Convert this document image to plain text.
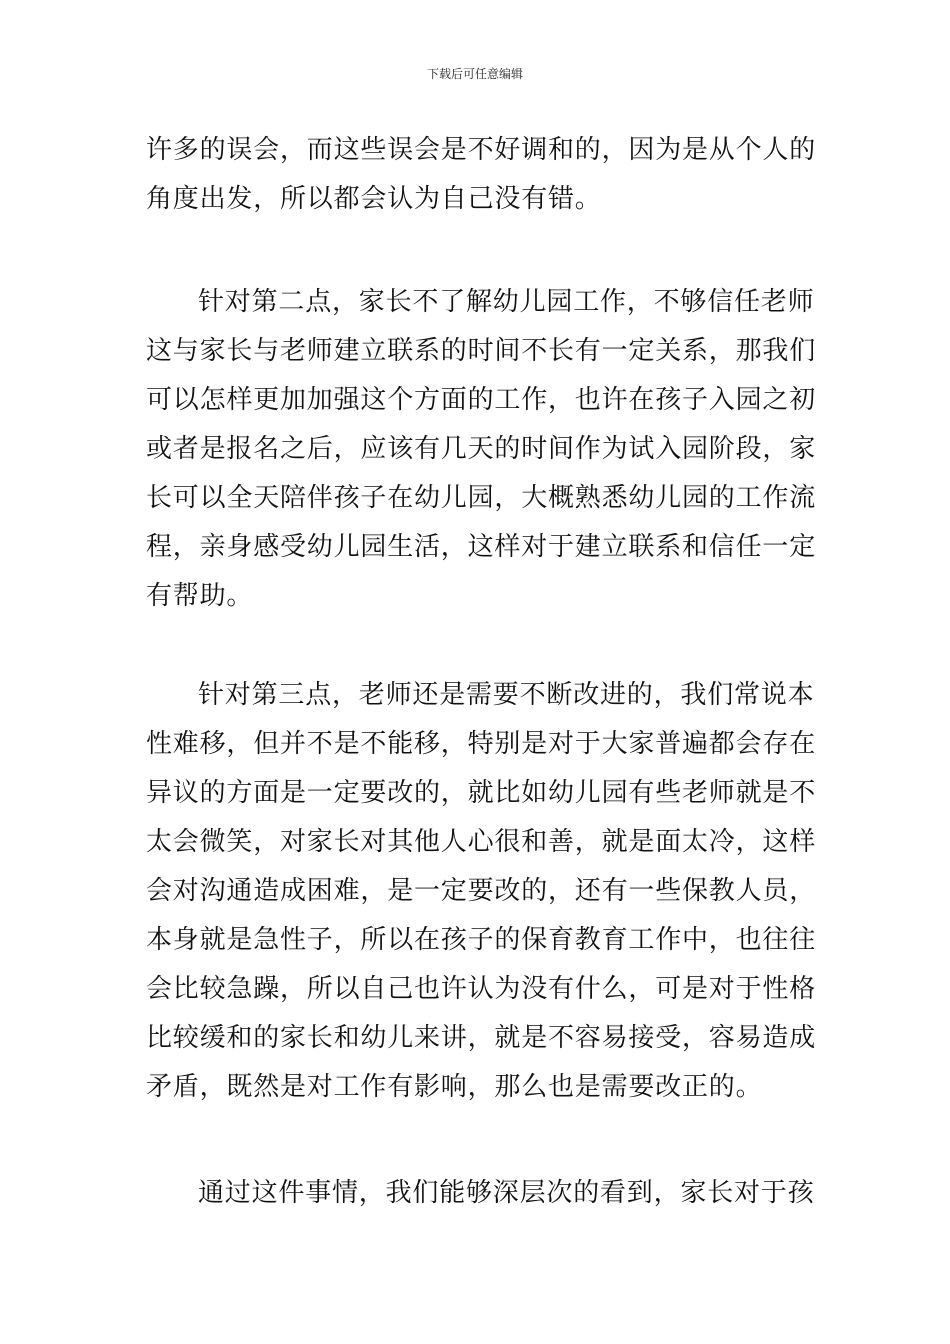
下载后可任意编辑
许多的误会，而这些误会是不好调和的，因为是从个人的
角度出发，所以都会认为自己没有错。
针对第二点，家长不了解幼儿园工作，不够信任老师
这与家长与老师建立联系的时间不长有一定关系，那我们
可以怎样更加加强这个方面的工作，也许在孩子入园之初
或者是报名之后，应该有几天的时间作为试入园阶段，家
长可以全天陪伴孩子在幼儿园，大概熟悉幼儿园的工作流
程，亲身感受幼儿园生活，这样对于建立联系和信任一定
有帮助。
针对第三点，老师还是需要不断改进的，我们常说本
性难移，但并不是不能移，特别是对于大家普遍都会存在
异议的方面是一定要改的，就比如幼儿园有些老师就是不
太会微笑，对家长对其他人心很和善，就是面太冷，这样
会对沟通造成困难，是一定要改的，还有一些保教人员，
本身就是急性子，所以在孩子的保育教育工作中，也往往
会比较急躁，所以自己也许认为没有什么，可是对于性格
比较缓和的家长和幼儿来讲，就是不容易接受，容易造成
矛盾，既然是对工作有影响，那么也是需要改正的。
通过这件事情，我们能够深层次的看到，家长对于孩
